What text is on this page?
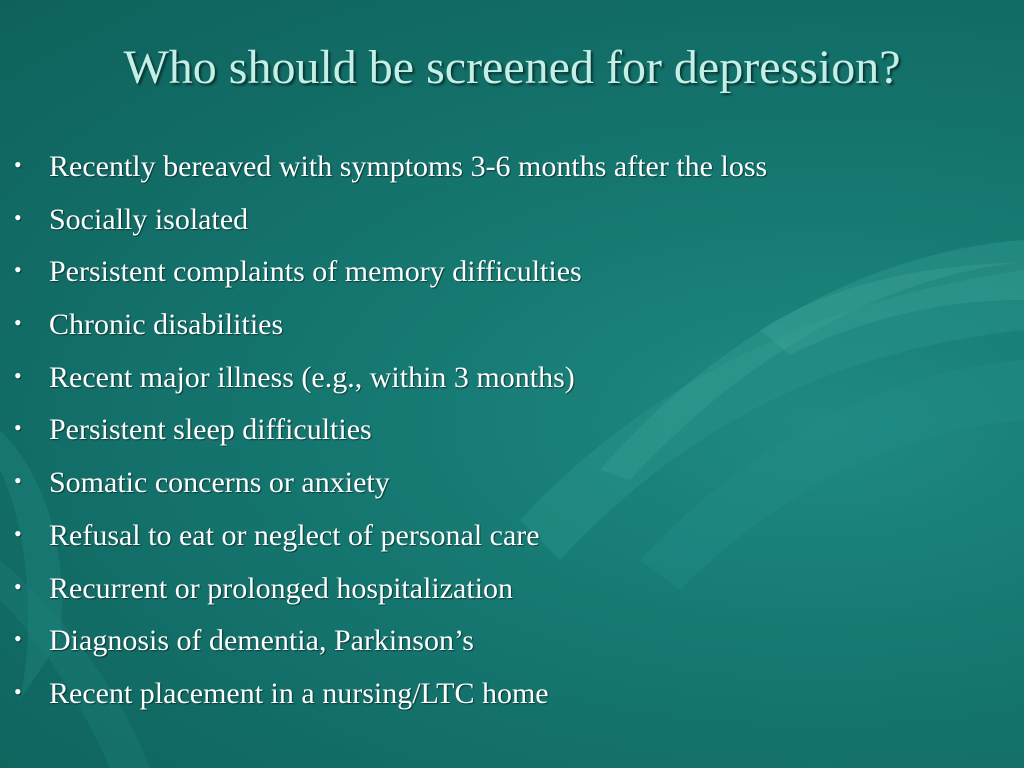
Who should be screened for depression?
• Recently bereaved with symptoms 3-6 months after the loss
• Socially isolated
• Persistent complaints of memory difficulties
• Chronic disabilities
• Recent major illness (e.g., within 3 months)
• Persistent sleep difficulties
• Somatic concerns or anxiety
• Refusal to eat or neglect of personal care
• Recurrent or prolonged hospitalization
• Diagnosis of dementia, Parkinson’s
• Recent placement in a nursing/LTC home
